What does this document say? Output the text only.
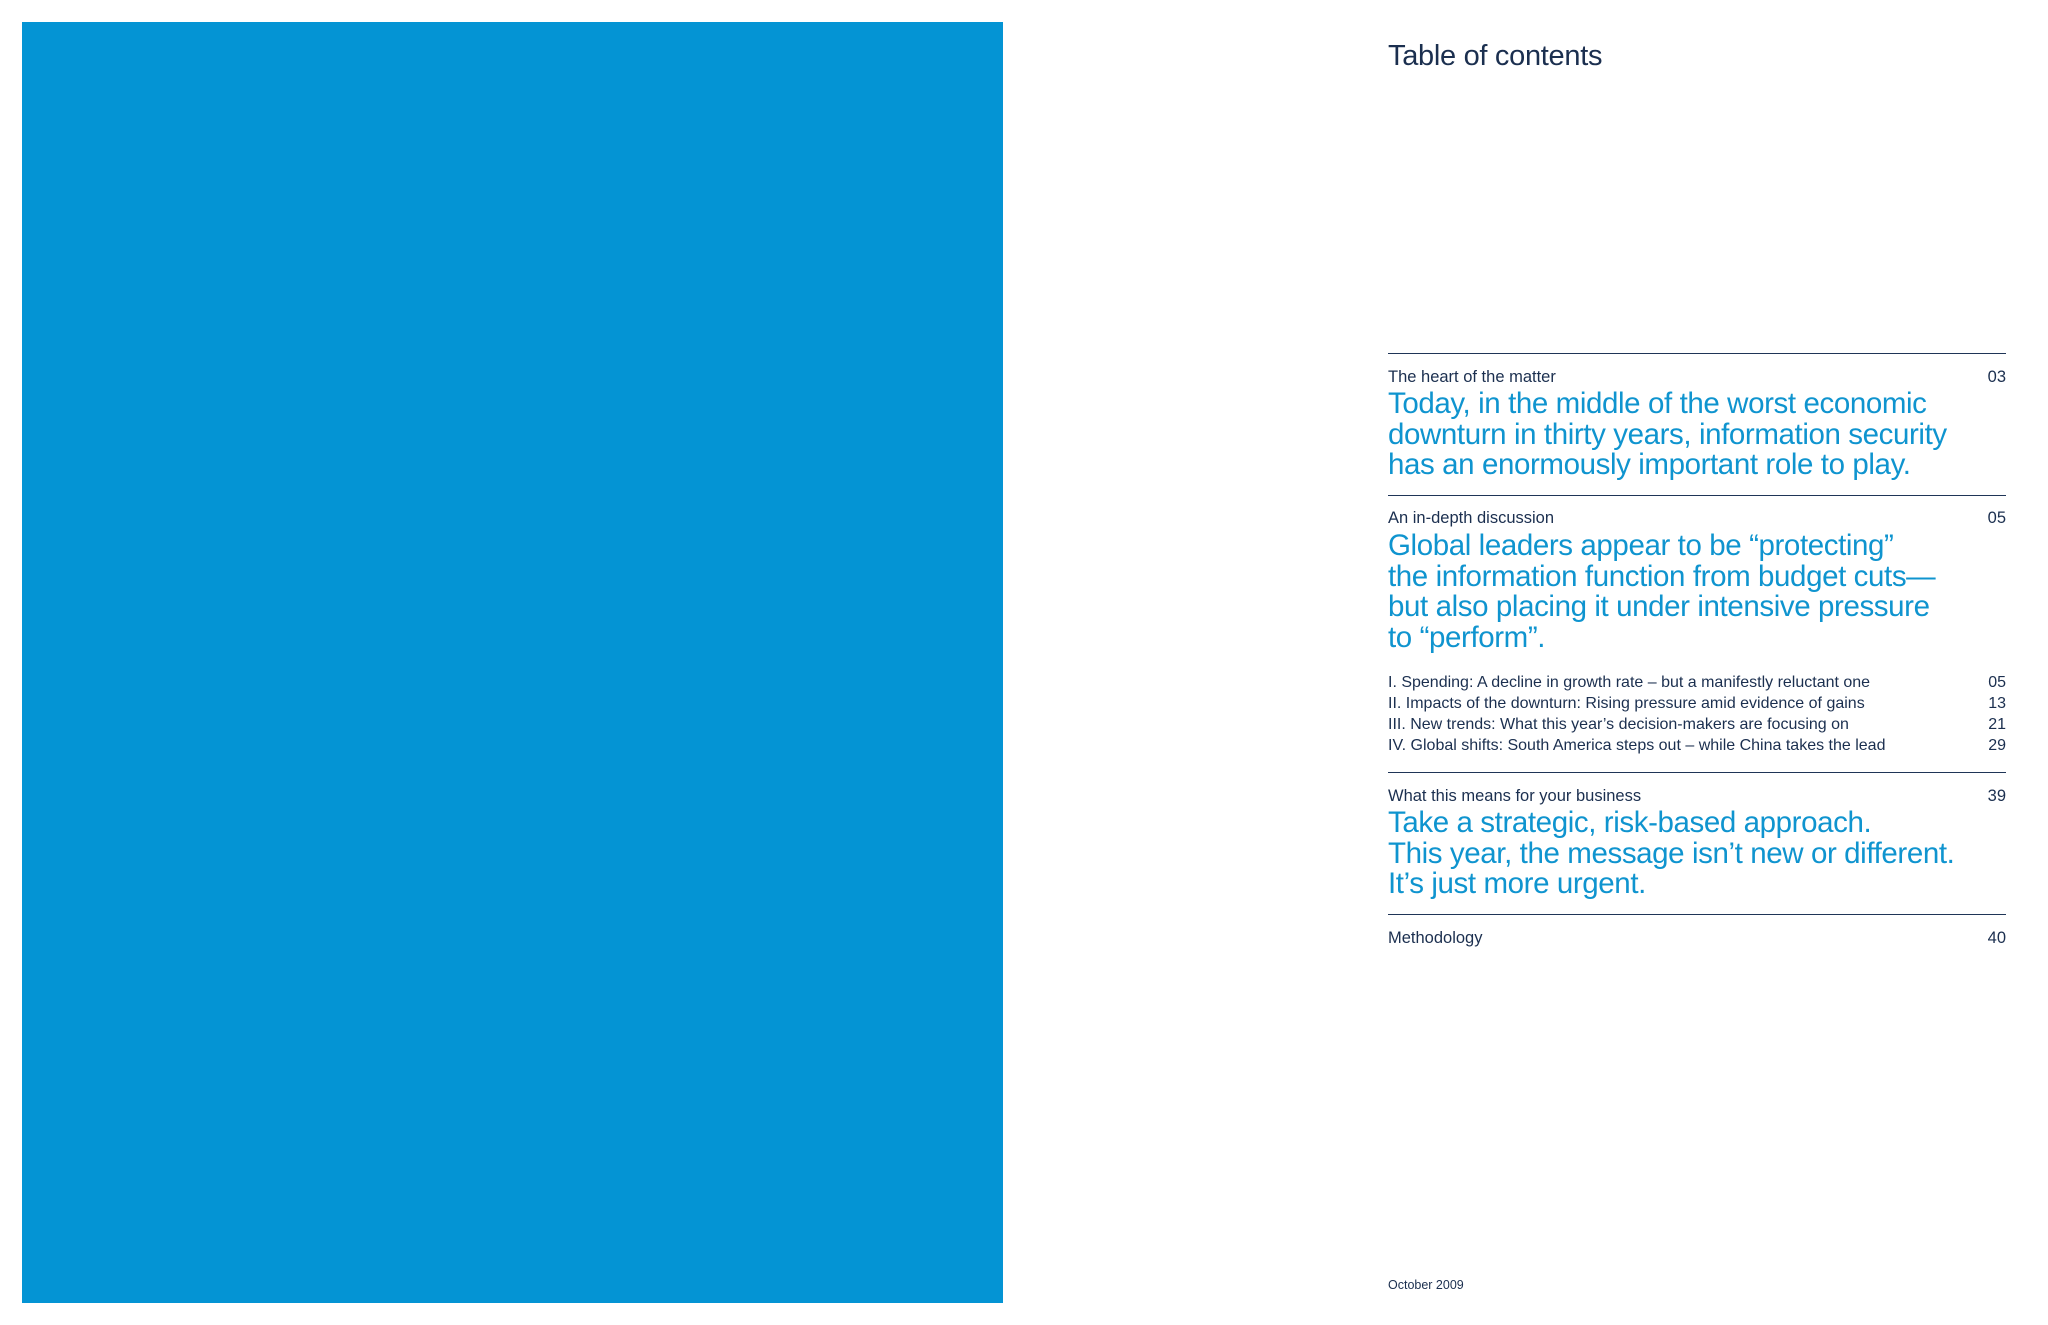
Table of contents
The heart of the matter	03
Today, in the middle of the worst economic
downturn in thirty years, information security
has an enormously important role to play.
An in-depth discussion	05
Global leaders appear to be “protecting”
the information function from budget cuts—
but also placing it under intensive pressure
to “perform”.
I. Spending: A decline in growth rate – but a manifestly reluctant one	05
II. Impacts of the downturn: Rising pressure amid evidence of gains	13
III. New trends: What this year’s decision-makers are focusing on	21
IV. Global shifts: South America steps out – while China takes the lead	29
What this means for your business	39
Take a strategic, risk-based approach.
This year, the message isn’t new or different.
It’s just more urgent.
Methodology	40
October 2009
